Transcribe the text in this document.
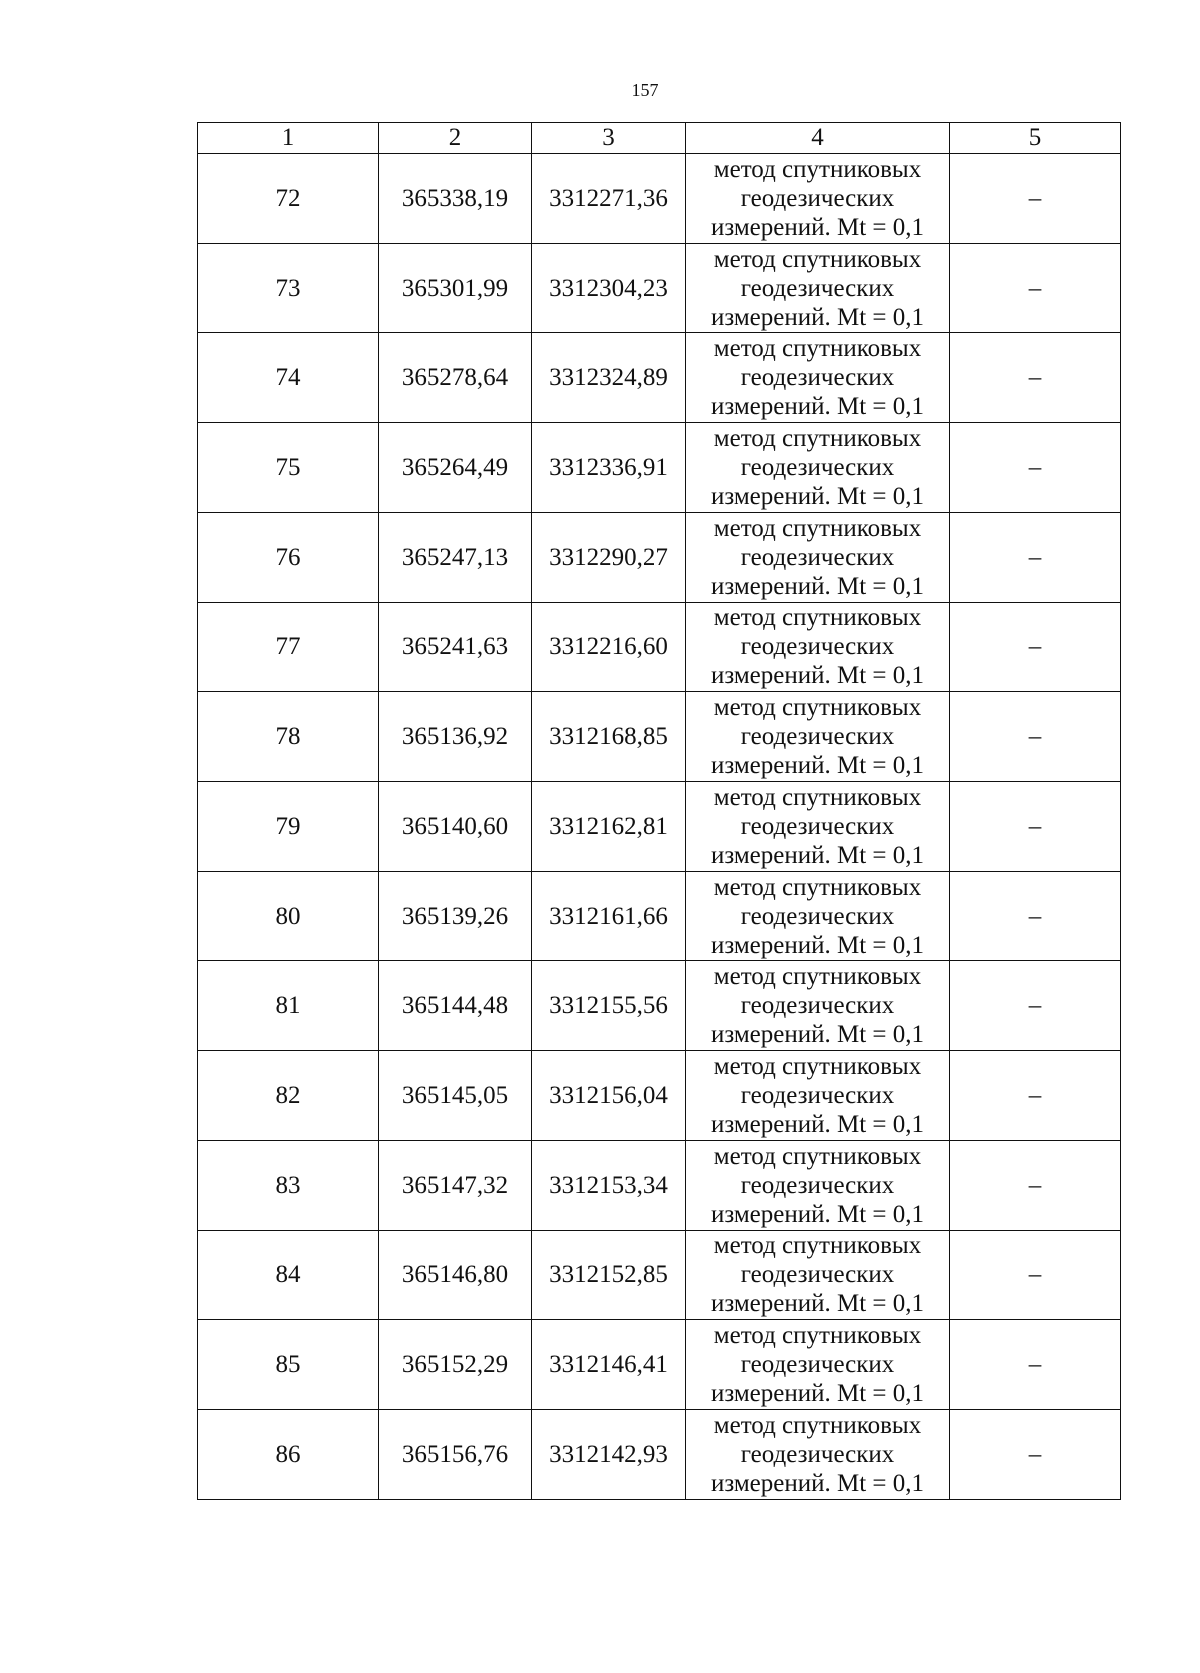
157
1	2	3	4	5
72	365338,19	3312271,36	метод спутниковых геодезических измерений. Mt = 0,1	–
73	365301,99	3312304,23	метод спутниковых геодезических измерений. Mt = 0,1	–
74	365278,64	3312324,89	метод спутниковых геодезических измерений. Mt = 0,1	–
75	365264,49	3312336,91	метод спутниковых геодезических измерений. Mt = 0,1	–
76	365247,13	3312290,27	метод спутниковых геодезических измерений. Mt = 0,1	–
77	365241,63	3312216,60	метод спутниковых геодезических измерений. Mt = 0,1	–
78	365136,92	3312168,85	метод спутниковых геодезических измерений. Mt = 0,1	–
79	365140,60	3312162,81	метод спутниковых геодезических измерений. Mt = 0,1	–
80	365139,26	3312161,66	метод спутниковых геодезических измерений. Mt = 0,1	–
81	365144,48	3312155,56	метод спутниковых геодезических измерений. Mt = 0,1	–
82	365145,05	3312156,04	метод спутниковых геодезических измерений. Mt = 0,1	–
83	365147,32	3312153,34	метод спутниковых геодезических измерений. Mt = 0,1	–
84	365146,80	3312152,85	метод спутниковых геодезических измерений. Mt = 0,1	–
85	365152,29	3312146,41	метод спутниковых геодезических измерений. Mt = 0,1	–
86	365156,76	3312142,93	метод спутниковых геодезических измерений. Mt = 0,1	–
